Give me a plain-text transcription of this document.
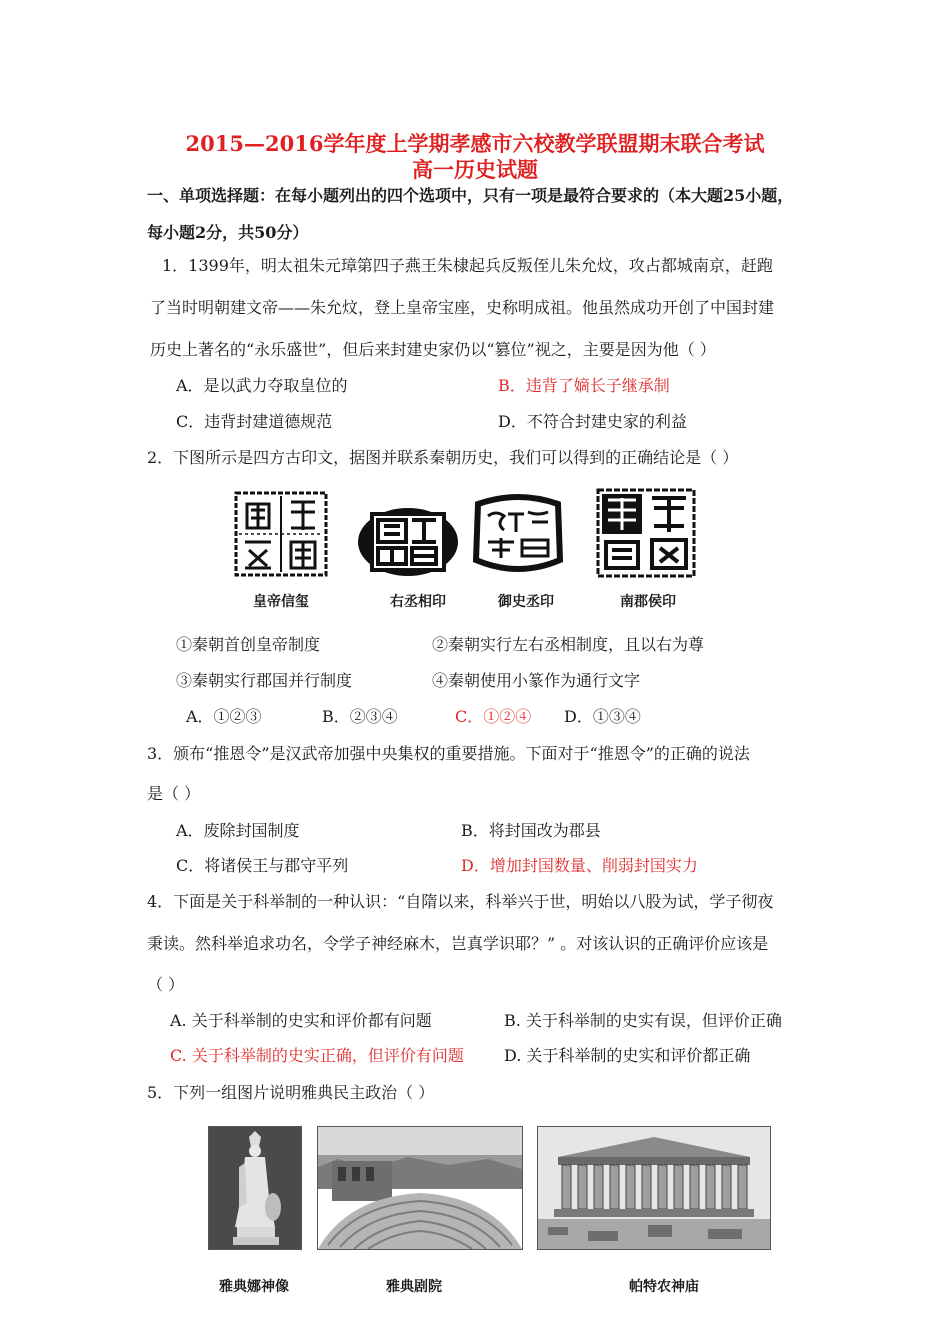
2015—2016学年度上学期孝感市六校教学联盟期末联合考试
高一历史试题
一、单项选择题：在每小题列出的四个选项中，只有一项是最符合要求的（本大题25小题，
每小题2分，共50分）
1．1399年，明太祖朱元璋第四子燕王朱棣起兵反叛侄儿朱允炆，攻占都城南京，赶跑
了当时明朝建文帝——朱允炆，登上皇帝宝座，史称明成祖。他虽然成功开创了中国封建
历史上著名的“永乐盛世”，但后来封建史家仍以“篡位”视之，主要是因为他（ ）
A．是以武力夺取皇位的	B．违背了嫡长子继承制
C．违背封建道德规范	D．不符合封建史家的利益
2．下图所示是四方古印文，据图并联系秦朝历史，我们可以得到的正确结论是（ ）
皇帝信玺	右丞相印	御史丞印	南郡侯印
①秦朝首创皇帝制度	②秦朝实行左右丞相制度，且以右为尊
③秦朝实行郡国并行制度	④秦朝使用小篆作为通行文字
A．①②③	B．②③④	C．①②④ D．①③④
3．颁布“推恩令”是汉武帝加强中央集权的重要措施。下面对于“推恩令”的正确的说法
是（ ）
A．废除封国制度	B．将封国改为郡县
C．将诸侯王与郡守平列	D．增加封国数量、削弱封国实力
4．下面是关于科举制的一种认识：“自隋以来，科举兴于世，明始以八股为试，学子彻夜
秉读。然科举追求功名，令学子神经麻木，岂真学识耶？” 。对该认识的正确评价应该是
（ ）
A. 关于科举制的史实和评价都有问题	B. 关于科举制的史实有误，但评价正确
C. 关于科举制的史实正确，但评价有问题	D. 关于科举制的史实和评价都正确
5．下列一组图片说明雅典民主政治（ ）
雅典娜神像	雅典剧院	帕特农神庙
